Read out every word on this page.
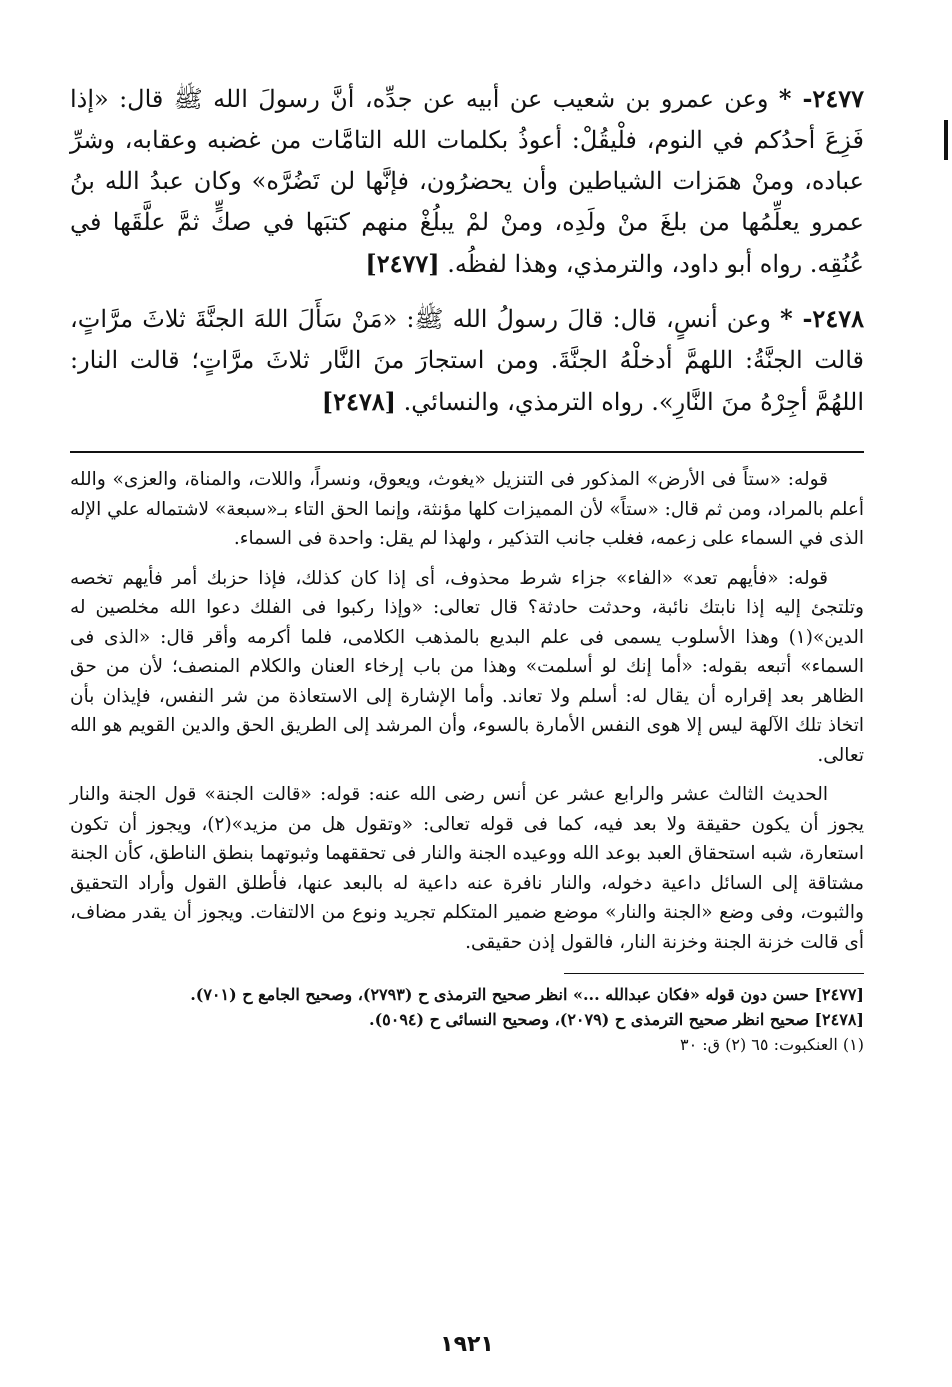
٢٤٧٧- * وعن عمرو بن شعيب عن أبيه عن جدِّه، أنَّ رسولَ الله ﷺ قال: «إذا فَزِعَ أحدُكم في النوم، فلْيقُلْ: أعوذُ بكلمات الله التامَّات من غضبه وعقابه، وشرِّ عباده، ومنْ همَزات الشياطين وأن يحضرُون، فإنَّها لن تَضُرَّه» وكان عبدُ الله بنُ عمرو يعلِّمُها من بلغَ منْ ولَدِه، ومنْ لمْ يبلُغْ منهم كتبَها في صكٍّ ثمَّ علَّقَها في عُنُقِه. رواه أبو داود، والترمذي، وهذا لفظُه. [٢٤٧٧]

٢٤٧٨- * وعن أنسٍ، قال: قالَ رسولُ الله ﷺ: «مَنْ سَأَلَ اللهَ الجنَّةَ ثلاثَ مرَّاتٍ، قالت الجنَّةُ: اللهمَّ أدخلْهُ الجنَّةَ. ومن استجارَ منَ النَّار ثلاثَ مرَّاتٍ؛ قالت النار: اللهُمَّ أجِرْهُ منَ النَّارِ». رواه الترمذي، والنسائي. [٢٤٧٨]

قوله: «ستاً فى الأرض» المذكور فى التنزيل «يغوث، ويعوق، ونسراً، واللات، والمناة، والعزى» والله أعلم بالمراد، ومن ثم قال: «ستاً» لأن المميزات كلها مؤنثة، وإنما الحق التاء بـ«سبعة» لاشتماله علي الإله الذى في السماء على زعمه، فغلب جانب التذكير ، ولهذا لم يقل: واحدة فى السماء.

قوله: «فأيهم تعد» «الفاء» جزاء شرط محذوف، أى إذا كان كذلك، فإذا حزبك أمر فأيهم تخصه وتلتجئ إليه إذا نابتك نائبة، وحدثت حادثة؟ قال تعالى: «وإذا ركبوا فى الفلك دعوا الله مخلصين له الدين»(١) وهذا الأسلوب يسمى فى علم البديع بالمذهب الكلامى، فلما أكرمه وأقر قال: «الذى فى السماء» أتبعه بقوله: «أما إنك لو أسلمت» وهذا من باب إرخاء العنان والكلام المنصف؛ لأن من حق الظاهر بعد إقراره أن يقال له: أسلم ولا تعاند. وأما الإشارة إلى الاستعاذة من شر النفس، فإيذان بأن اتخاذ تلك الآلهة ليس إلا هوى النفس الأمارة بالسوء، وأن المرشد إلى الطريق الحق والدين القويم هو الله تعالى.

الحديث الثالث عشر والرابع عشر عن أنس رضى الله عنه: قوله: «قالت الجنة» قول الجنة والنار يجوز أن يكون حقيقة ولا بعد فيه، كما فى قوله تعالى: «وتقول هل من مزيد»(٢)، ويجوز أن تكون استعارة، شبه استحقاق العبد بوعد الله ووعيده الجنة والنار فى تحققهما وثبوتهما بنطق الناطق، كأن الجنة مشتاقة إلى السائل داعية دخوله، والنار نافرة عنه داعية له بالبعد عنها، فأطلق القول وأراد التحقيق والثبوت، وفى وضع «الجنة والنار» موضع ضمير المتكلم تجريد ونوع من الالتفات. ويجوز أن يقدر مضاف، أى قالت خزنة الجنة وخزنة النار، فالقول إذن حقيقى.

[٢٤٧٧] حسن دون قوله «فكان عبدالله ...» انظر صحيح الترمذى ح (٢٧٩٣)، وصحيح الجامع ح (٧٠١).

[٢٤٧٨] صحيح انظر صحيح الترمذى ح (٢٠٧٩)، وصحيح النسائى ح (٥٠٩٤).

(١) العنكبوت: ٦٥ (٢) ق: ٣٠

١٩٢١
